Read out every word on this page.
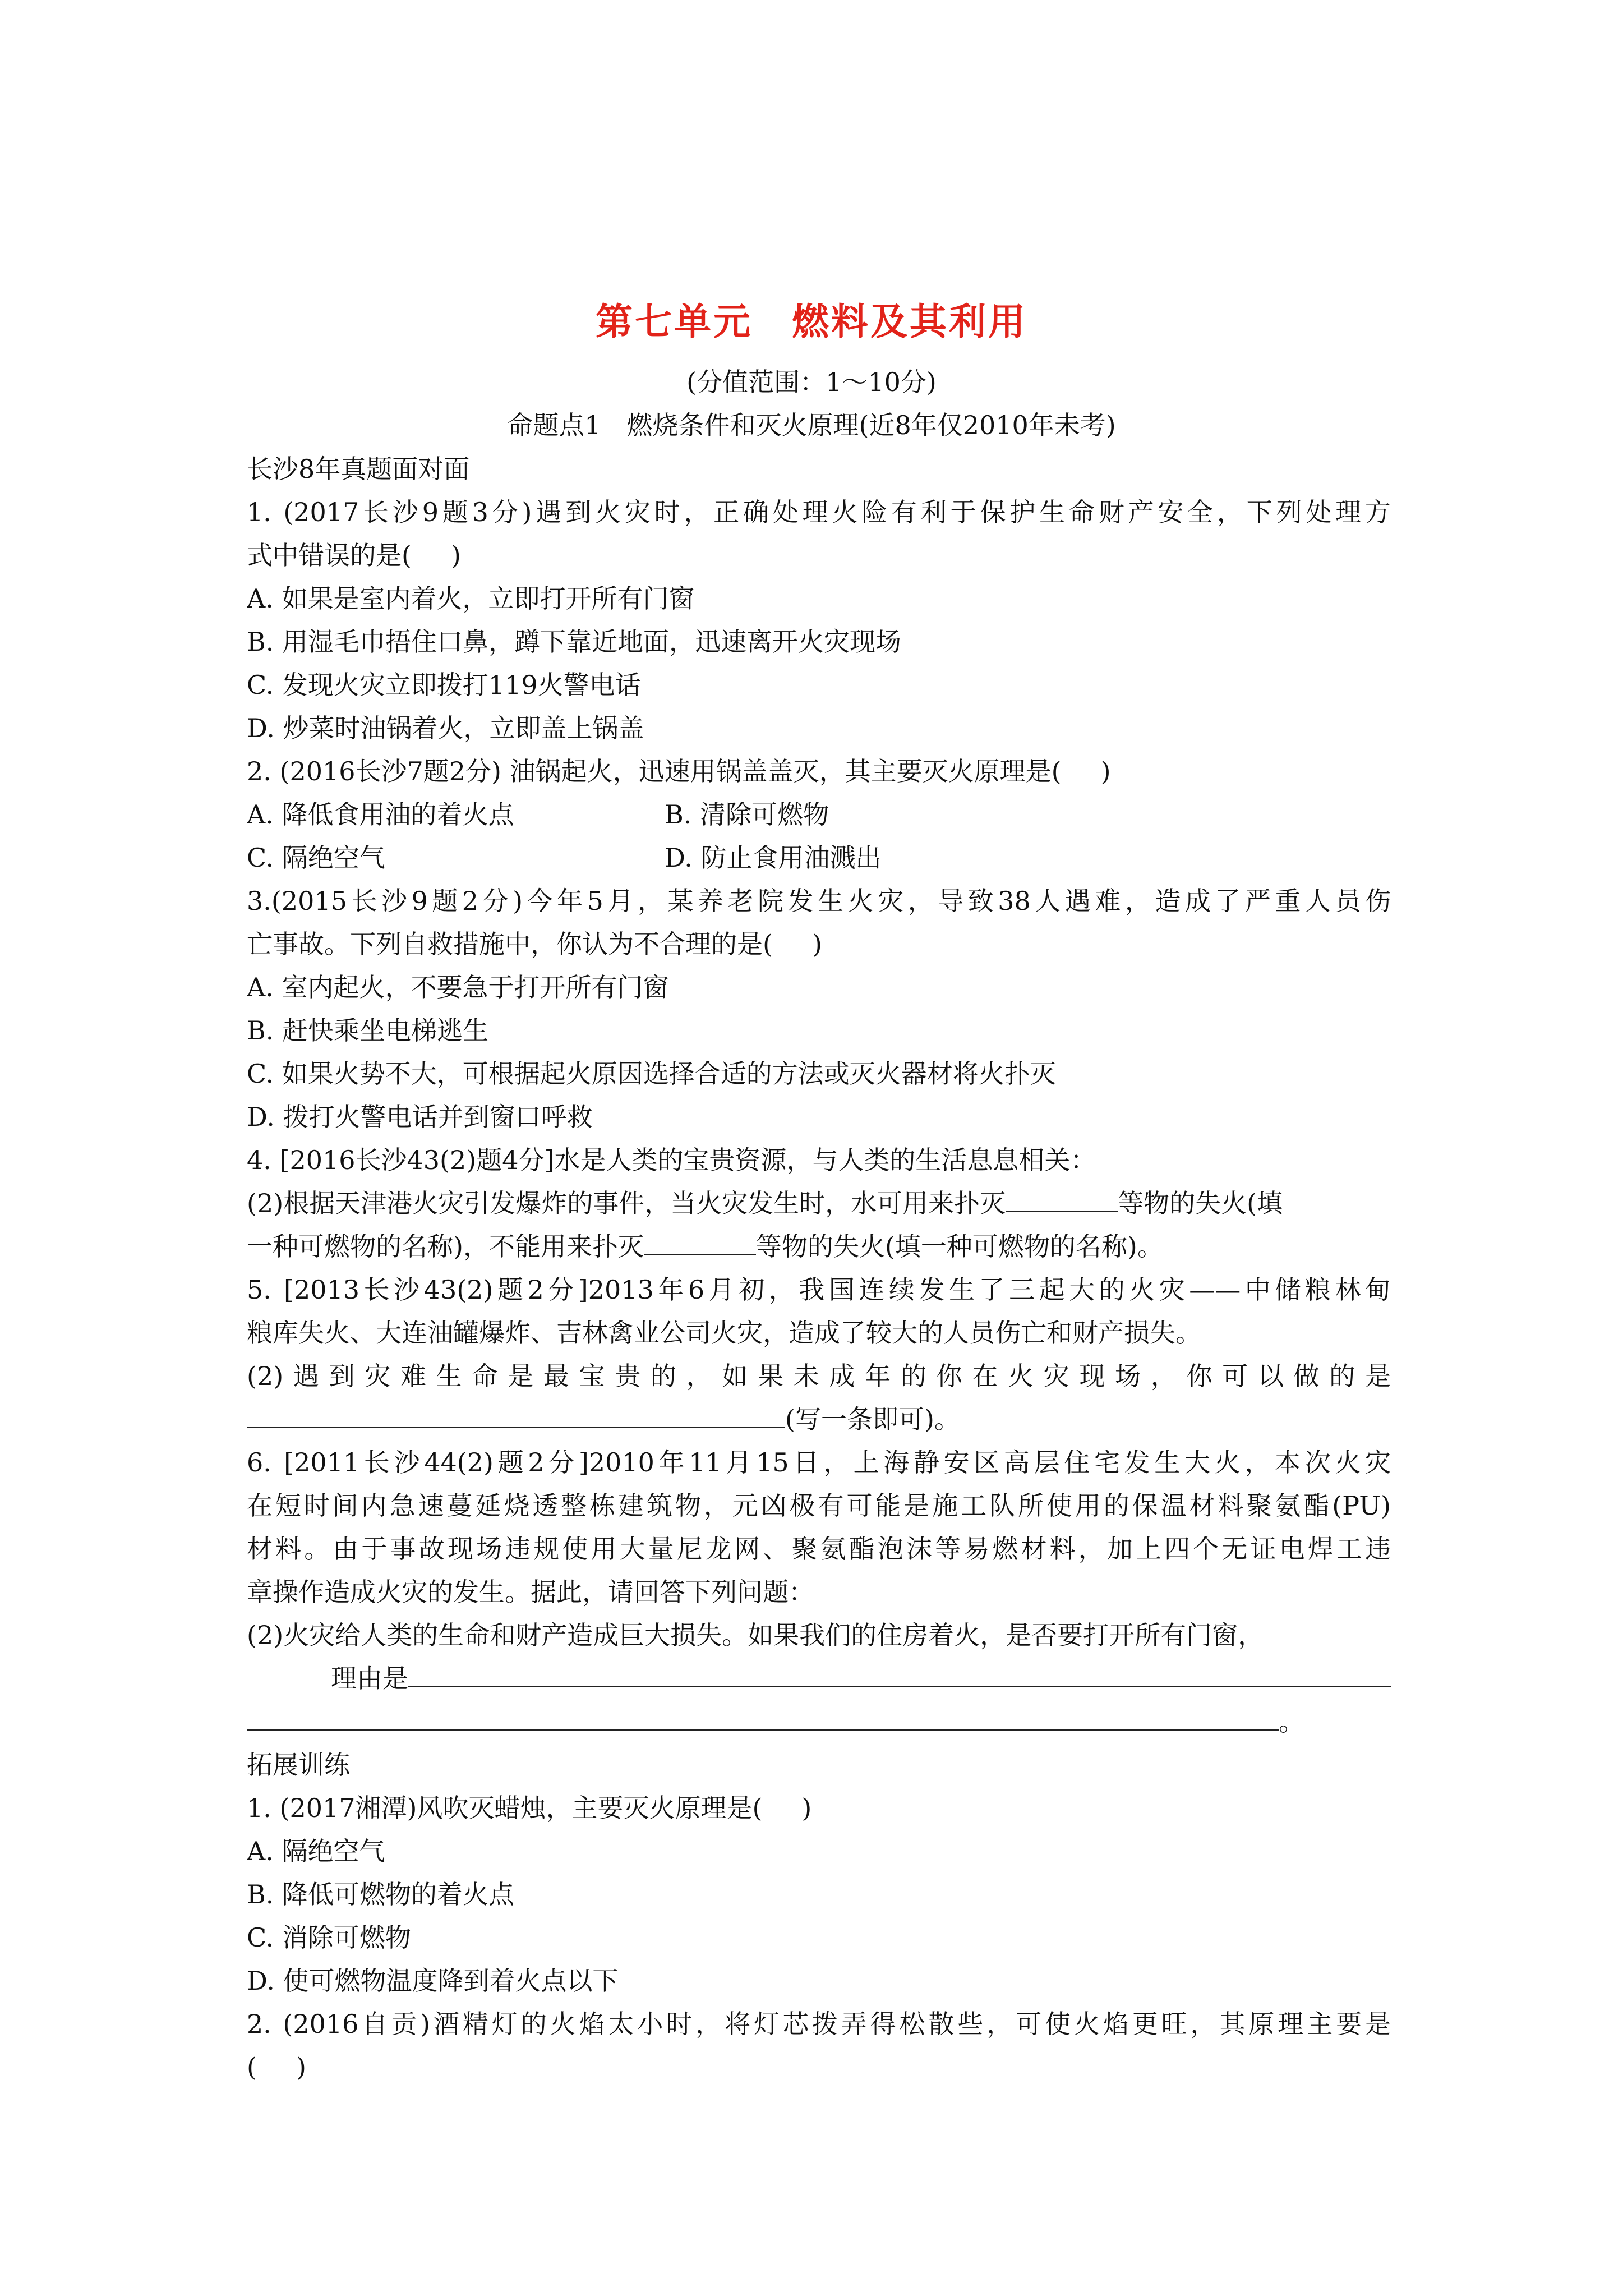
第七单元 燃料及其利用
(分值范围：1～10分)
命题点1　燃烧条件和灭火原理(近8年仅2010年未考)
长沙8年真题面对面
1. (2017长沙9题3分)遇到火灾时，正确处理火险有利于保护生命财产安全，下列处理方
式中错误的是( )
A. 如果是室内着火，立即打开所有门窗
B. 用湿毛巾捂住口鼻，蹲下靠近地面，迅速离开火灾现场
C. 发现火灾立即拨打119火警电话
D. 炒菜时油锅着火，立即盖上锅盖
2. (2016长沙7题2分) 油锅起火，迅速用锅盖盖灭，其主要灭火原理是( )
A. 降低食用油的着火点	B. 清除可燃物
C. 隔绝空气	D. 防止食用油溅出
3.(2015长沙9题2分)今年5月，某养老院发生火灾，导致38人遇难，造成了严重人员伤
亡事故。下列自救措施中，你认为不合理的是( )
A. 室内起火，不要急于打开所有门窗
B. 赶快乘坐电梯逃生
C. 如果火势不大，可根据起火原因选择合适的方法或灭火器材将火扑灭
D. 拨打火警电话并到窗口呼救
4. [2016长沙43(2)题4分]水是人类的宝贵资源，与人类的生活息息相关：
(2)根据天津港火灾引发爆炸的事件，当火灾发生时，水可用来扑灭	等物的失火(填
一种可燃物的名称)，不能用来扑灭	等物的失火(填一种可燃物的名称)。
5. [2013长沙43(2)题2分]2013年6月初，我国连续发生了三起大的火灾——中储粮林甸
粮库失火、大连油罐爆炸、吉林禽业公司火灾，造成了较大的人员伤亡和财产损失。
(2)遇到灾难生命是最宝贵的，如果未成年的你在火灾现场，你可以做的是
(写一条即可)。
6. [2011长沙44(2)题2分]2010年11月15日，上海静安区高层住宅发生大火，本次火灾
在短时间内急速蔓延烧透整栋建筑物，元凶极有可能是施工队所使用的保温材料聚氨酯(PU)
材料。由于事故现场违规使用大量尼龙网、聚氨酯泡沫等易燃材料，加上四个无证电焊工违
章操作造成火灾的发生。据此，请回答下列问题：
(2)火灾给人类的生命和财产造成巨大损失。如果我们的住房着火，是否要打开所有门窗，
理由是
。
拓展训练
1. (2017湘潭)风吹灭蜡烛，主要灭火原理是( )
A. 隔绝空气
B. 降低可燃物的着火点
C. 消除可燃物
D. 使可燃物温度降到着火点以下
2. (2016自贡)酒精灯的火焰太小时，将灯芯拨弄得松散些，可使火焰更旺，其原理主要是
( )
